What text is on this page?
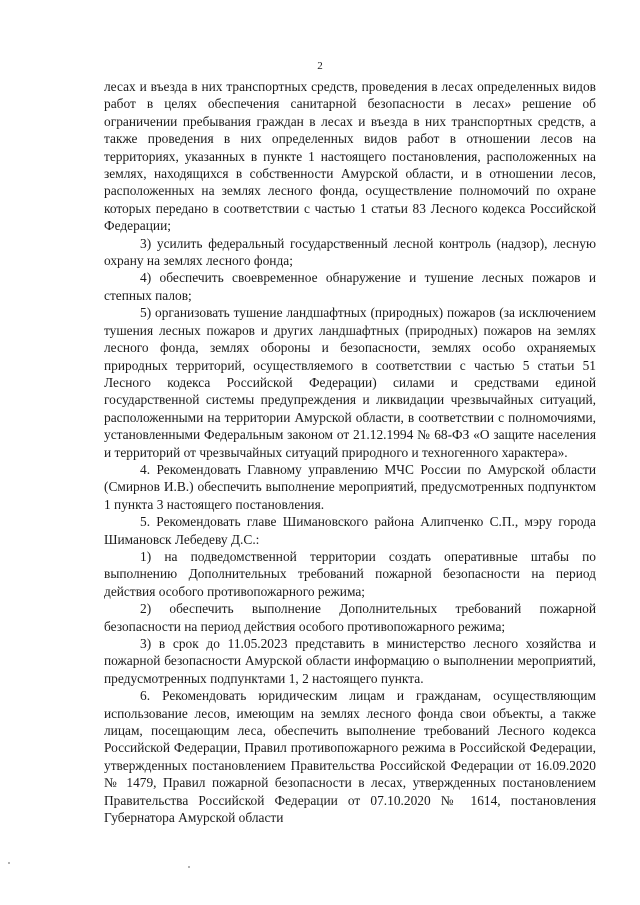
2

лесах и въезда в них транспортных средств, проведения в лесах определенных видов работ в целях обеспечения санитарной безопасности в лесах» решение об ограничении пребывания граждан в лесах и въезда в них транспортных средств, а также проведения в них определенных видов работ в отношении лесов на территориях, указанных в пункте 1 настоящего постановления, расположенных на землях, находящихся в собственности Амурской области, и в отношении лесов, расположенных на землях лесного фонда, осуществление полномочий по охране которых передано в соответствии с частью 1 статьи 83 Лесного кодекса Российской Федерации;

3) усилить федеральный государственный лесной контроль (надзор), лесную охрану на землях лесного фонда;

4) обеспечить своевременное обнаружение и тушение лесных пожаров и степных палов;

5) организовать тушение ландшафтных (природных) пожаров (за исключением тушения лесных пожаров и других ландшафтных (природных) пожаров на землях лесного фонда, землях обороны и безопасности, землях особо охраняемых природных территорий, осуществляемого в соответствии с частью 5 статьи 51 Лесного кодекса Российской Федерации) силами и средствами единой государственной системы предупреждения и ликвидации чрезвычайных ситуаций, расположенными на территории Амурской области, в соответствии с полномочиями, установленными Федеральным законом от 21.12.1994 № 68-ФЗ «О защите населения и территорий от чрезвычайных ситуаций природного и техногенного характера».

4. Рекомендовать Главному управлению МЧС России по Амурской области (Смирнов И.В.) обеспечить выполнение мероприятий, предусмотренных подпунктом 1 пункта 3 настоящего постановления.

5. Рекомендовать главе Шимановского района Алипченко С.П., мэру города Шимановск Лебедеву Д.С.:

1) на подведомственной территории создать оперативные штабы по выполнению Дополнительных требований пожарной безопасности на период действия особого противопожарного режима;

2) обеспечить выполнение Дополнительных требований пожарной безопасности на период действия особого противопожарного режима;

3) в срок до 11.05.2023 представить в министерство лесного хозяйства и пожарной безопасности Амурской области информацию о выполнении мероприятий, предусмотренных подпунктами 1, 2 настоящего пункта.

6. Рекомендовать юридическим лицам и гражданам, осуществляющим использование лесов, имеющим на землях лесного фонда свои объекты, а также лицам, посещающим леса, обеспечить выполнение требований Лесного кодекса Российской Федерации, Правил противопожарного режима в Российской Федерации, утвержденных постановлением Правительства Российской Федерации от 16.09.2020 № 1479, Правил пожарной безопасности в лесах, утвержденных постановлением Правительства Российской Федерации от 07.10.2020 № 1614, постановления Губернатора Амурской области
